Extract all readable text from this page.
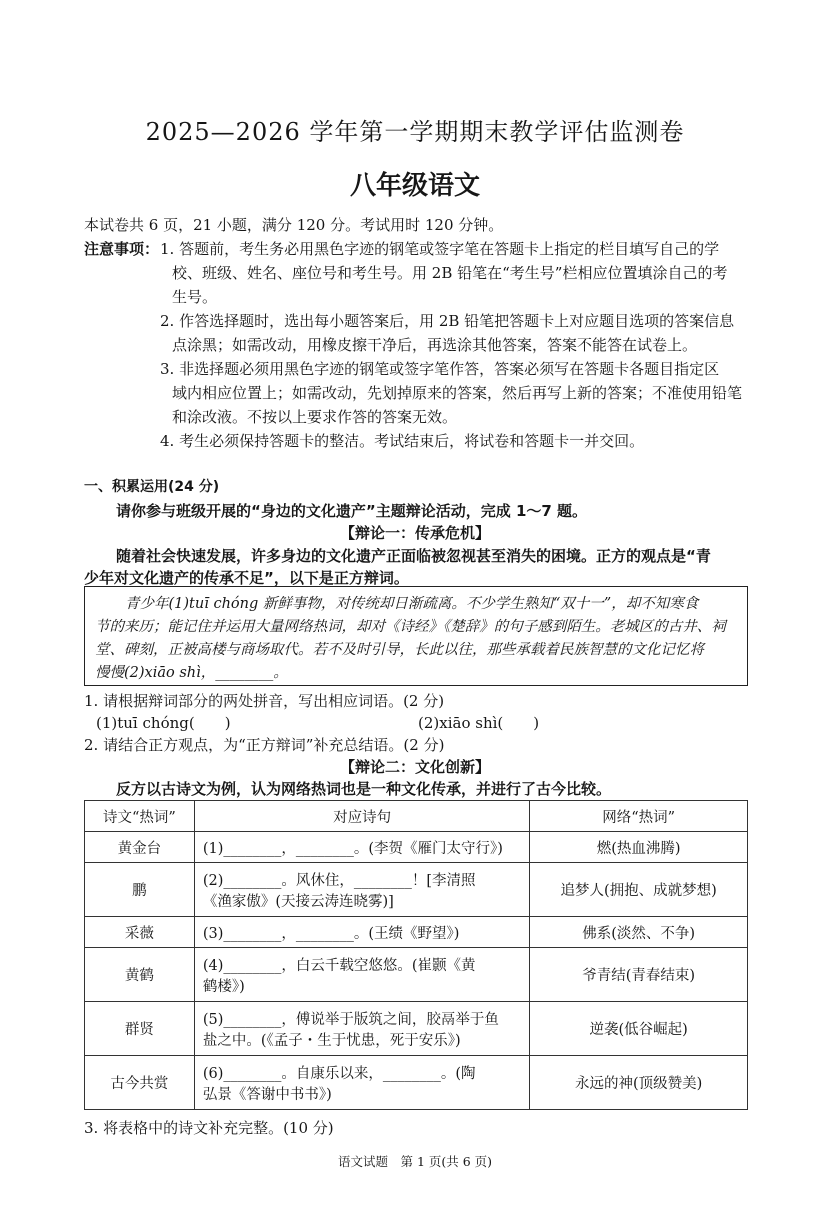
2025—2026 学年第一学期期末教学评估监测卷
八年级语文
本试卷共 6 页，21 小题，满分 120 分。考试用时 120 分钟。
注意事项： 1. 答题前，考生务必用黑色字迹的钢笔或签字笔在答题卡上指定的栏目填写自己的学
校、班级、姓名、座位号和考生号。用 2B 铅笔在“考生号”栏相应位置填涂自己的考
生号。
2. 作答选择题时，选出每小题答案后，用 2B 铅笔把答题卡上对应题目选项的答案信息
点涂黑；如需改动，用橡皮擦干净后，再选涂其他答案，答案不能答在试卷上。
3. 非选择题必须用黑色字迹的钢笔或签字笔作答，答案必须写在答题卡各题目指定区
域内相应位置上；如需改动，先划掉原来的答案，然后再写上新的答案；不准使用铅笔
和涂改液。不按以上要求作答的答案无效。
4. 考生必须保持答题卡的整洁。考试结束后，将试卷和答题卡一并交回。
一、积累运用(24 分)
请你参与班级开展的“身边的文化遗产”主题辩论活动，完成 1～7 题。
【辩论一：传承危机】
随着社会快速发展，许多身边的文化遗产正面临被忽视甚至消失的困境。正方的观点是“青
少年对文化遗产的传承不足”，以下是正方辩词。
青少年(1)tuī chóng 新鲜事物，对传统却日渐疏离。不少学生熟知“双十一”，却不知寒食
节的来历；能记住并运用大量网络热词，却对《诗经》《楚辞》的句子感到陌生。老城区的古井、祠
堂、碑刻，正被高楼与商场取代。若不及时引导，长此以往，那些承载着民族智慧的文化记忆将
慢慢(2)xiāo shì，________。
1. 请根据辩词部分的两处拼音，写出相应词语。(2 分)
(1)tuī chóng(　　)	(2)xiāo shì(　　)
2. 请结合正方观点，为“正方辩词”补充总结语。(2 分)
【辩论二：文化创新】
反方以古诗文为例，认为网络热词也是一种文化传承，并进行了古今比较。
诗文“热词”	对应诗句	网络“热词”
黄金台	(1)________，________。(李贺《雁门太守行》)	燃(热血沸腾)
鹏	(2)________。风休住，________！[李清照
《渔家傲》(天接云涛连晓雾)]	追梦人(拥抱、成就梦想)
采薇	(3)________，________。(王绩《野望》)	佛系(淡然、不争)
黄鹤	(4)________，白云千载空悠悠。(崔颢《黄
鹤楼》)	爷青结(青春结束)
群贤	(5)________，傅说举于版筑之间，胶鬲举于鱼
盐之中。(《孟子・生于忧患，死于安乐》)	逆袭(低谷崛起)
古今共赏	(6)________。自康乐以来，________。(陶
弘景《答谢中书书》)	永远的神(顶级赞美)
3. 将表格中的诗文补充完整。(10 分)
语文试题　第 1 页(共 6 页)
